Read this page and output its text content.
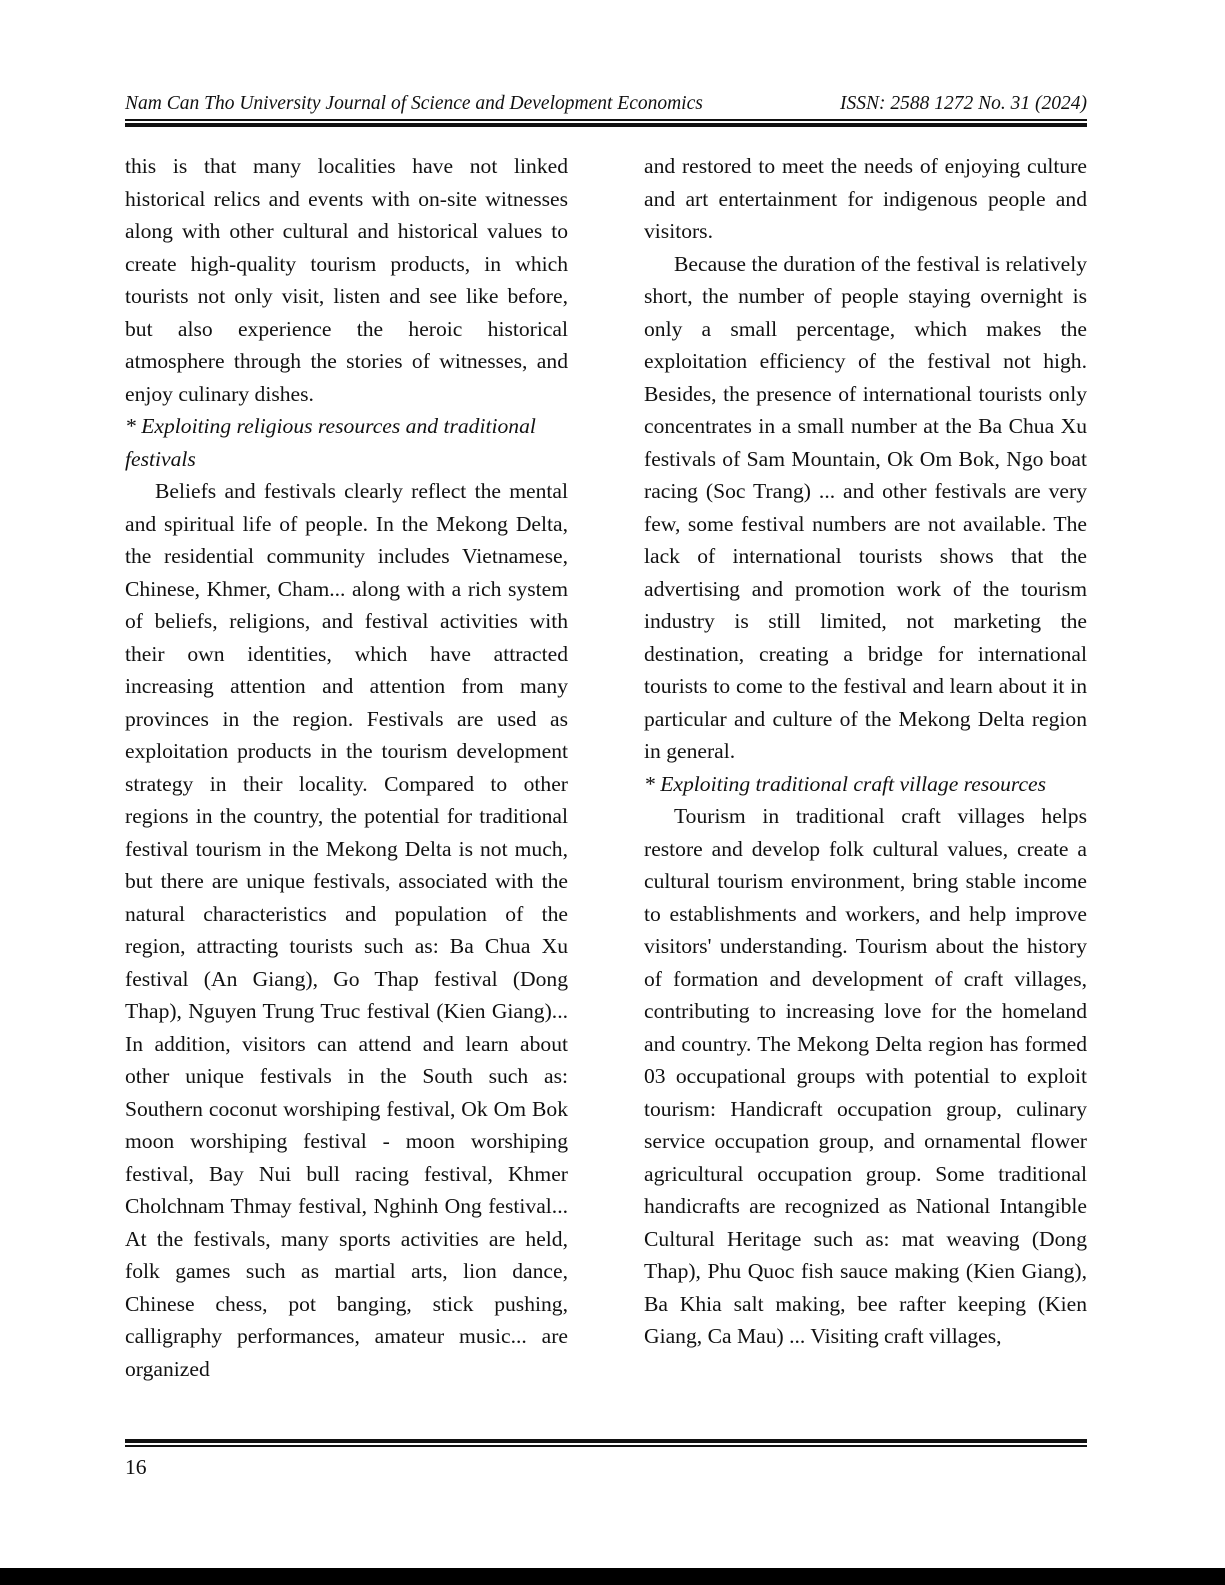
Nam Can Tho University Journal of Science and Development Economics	ISSN: 2588 1272 No. 31 (2024)

this is that many localities have not linked historical relics and events with on-site witnesses along with other cultural and historical values to create high-quality tourism products, in which tourists not only visit, listen and see like before, but also experience the heroic historical atmosphere through the stories of witnesses, and enjoy culinary dishes.

* Exploiting religious resources and traditional festivals

Beliefs and festivals clearly reflect the mental and spiritual life of people. In the Mekong Delta, the residential community includes Vietnamese, Chinese, Khmer, Cham... along with a rich system of beliefs, religions, and festival activities with their own identities, which have attracted increasing attention and attention from many provinces in the region. Festivals are used as exploitation products in the tourism development strategy in their locality. Compared to other regions in the country, the potential for traditional festival tourism in the Mekong Delta is not much, but there are unique festivals, associated with the natural characteristics and population of the region, attracting tourists such as: Ba Chua Xu festival (An Giang), Go Thap festival (Dong Thap), Nguyen Trung Truc festival (Kien Giang)... In addition, visitors can attend and learn about other unique festivals in the South such as: Southern coconut worshiping festival, Ok Om Bok moon worshiping festival - moon worshiping festival, Bay Nui bull racing festival, Khmer Cholchnam Thmay festival, Nghinh Ong festival... At the festivals, many sports activities are held, folk games such as martial arts, lion dance, Chinese chess, pot banging, stick pushing, calligraphy performances, amateur music... are organized

and restored to meet the needs of enjoying culture and art entertainment for indigenous people and visitors.

Because the duration of the festival is relatively short, the number of people staying overnight is only a small percentage, which makes the exploitation efficiency of the festival not high. Besides, the presence of international tourists only concentrates in a small number at the Ba Chua Xu festivals of Sam Mountain, Ok Om Bok, Ngo boat racing (Soc Trang) ... and other festivals are very few, some festival numbers are not available. The lack of international tourists shows that the advertising and promotion work of the tourism industry is still limited, not marketing the destination, creating a bridge for international tourists to come to the festival and learn about it in particular and culture of the Mekong Delta region in general.

* Exploiting traditional craft village resources

Tourism in traditional craft villages helps restore and develop folk cultural values, create a cultural tourism environment, bring stable income to establishments and workers, and help improve visitors' understanding. Tourism about the history of formation and development of craft villages, contributing to increasing love for the homeland and country. The Mekong Delta region has formed 03 occupational groups with potential to exploit tourism: Handicraft occupation group, culinary service occupation group, and ornamental flower agricultural occupation group. Some traditional handicrafts are recognized as National Intangible Cultural Heritage such as: mat weaving (Dong Thap), Phu Quoc fish sauce making (Kien Giang), Ba Khia salt making, bee rafter keeping (Kien Giang, Ca Mau) ... Visiting craft villages,

16
